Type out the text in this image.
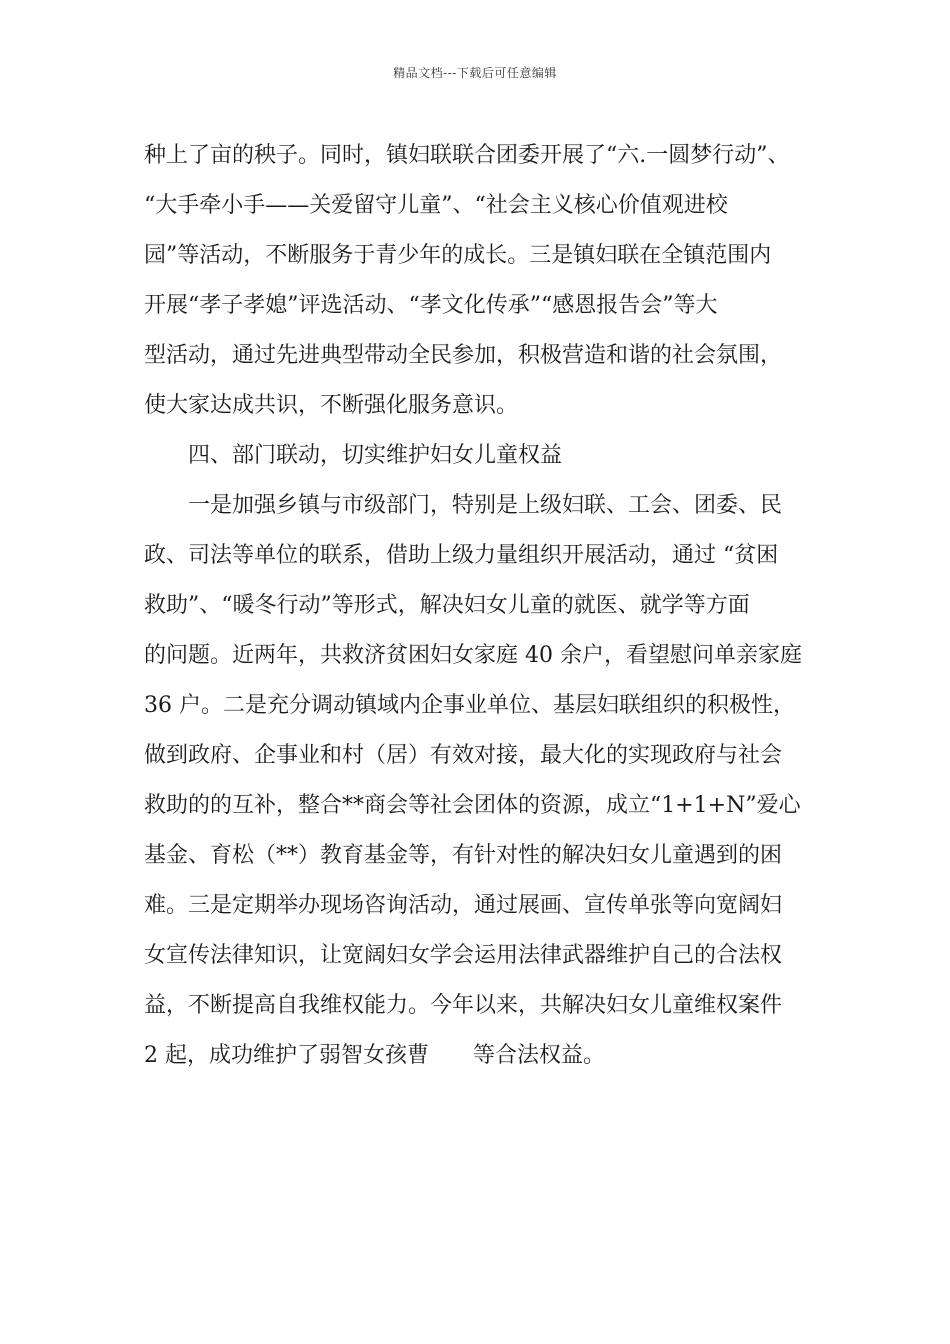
精品文档---下载后可任意编辑
种上了亩的秧子。同时，镇妇联联合团委开展了“六.一圆梦行动”、
“大手牵小手——关爱留守儿童”、“社会主义核心价值观进校
园”等活动，不断服务于青少年的成长。三是镇妇联在全镇范围内
开展“孝子孝媳”评选活动、“孝文化传承”“感恩报告会”等大
型活动，通过先进典型带动全民参加，积极营造和谐的社会氛围，
使大家达成共识，不断强化服务意识。
四、部门联动，切实维护妇女儿童权益
一是加强乡镇与市级部门，特别是上级妇联、工会、团委、民
政、司法等单位的联系，借助上级力量组织开展活动，通过 “贫困
救助”、“暖冬行动”等形式，解决妇女儿童的就医、就学等方面
的问题。近两年，共救济贫困妇女家庭 40 余户，看望慰问单亲家庭
36 户。二是充分调动镇域内企事业单位、基层妇联组织的积极性，
做到政府、企事业和村（居）有效对接，最大化的实现政府与社会
救助的的互补，整合**商会等社会团体的资源，成立“1+1+N”爱心
基金、育松（**）教育基金等，有针对性的解决妇女儿童遇到的困
难。三是定期举办现场咨询活动，通过展画、宣传单张等向宽阔妇
女宣传法律知识，让宽阔妇女学会运用法律武器维护自己的合法权
益，不断提高自我维权能力。今年以来，共解决妇女儿童维权案件
2 起，成功维护了弱智女孩曹　　等合法权益。
